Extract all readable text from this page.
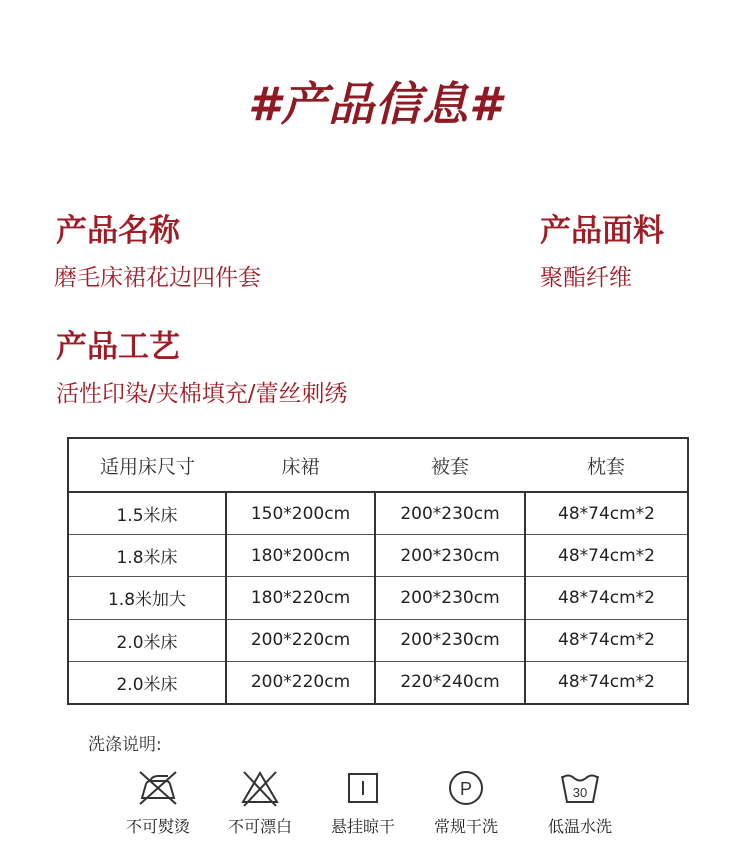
#产品信息#
产品名称
磨毛床裙花边四件套
产品面料
聚酯纤维
产品工艺
活性印染/夹棉填充/蕾丝刺绣
适用床尺寸	床裙	被套	枕套
1.5米床	150*200cm	200*230cm	48*74cm*2
1.8米床	180*200cm	200*230cm	48*74cm*2
1.8米加大	180*220cm	200*230cm	48*74cm*2
2.0米床	200*220cm	200*230cm	48*74cm*2
2.0米床	200*220cm	220*240cm	48*74cm*2
洗涤说明:
不可熨烫	不可漂白	悬挂晾干
P
常规干洗
30
低温水洗
